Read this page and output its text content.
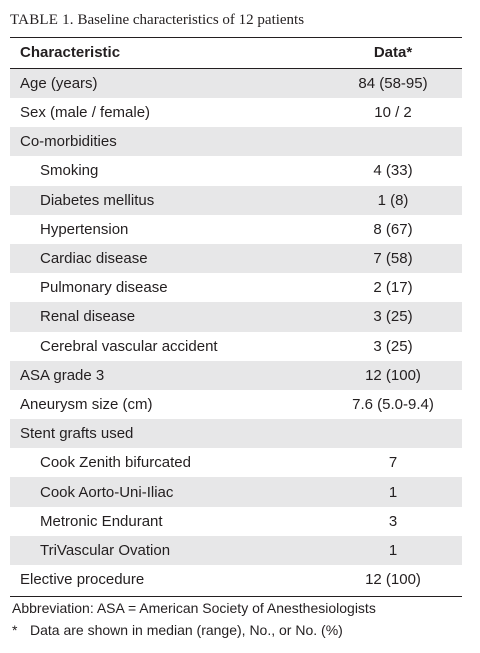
TABLE 1. Baseline characteristics of 12 patients
Characteristic	Data*
Age (years)	84 (58-95)
Sex (male / female)	10 / 2
Co-morbidities	
Smoking	4 (33)
Diabetes mellitus	1 (8)
Hypertension	8 (67)
Cardiac disease	7 (58)
Pulmonary disease	2 (17)
Renal disease	3 (25)
Cerebral vascular accident	3 (25)
ASA grade 3	12 (100)
Aneurysm size (cm)	7.6 (5.0-9.4)
Stent grafts used	
Cook Zenith bifurcated	7
Cook Aorto-Uni-Iliac	1
Metronic Endurant	3
TriVascular Ovation	1
Elective procedure	12 (100)
Abbreviation: ASA = American Society of Anesthesiologists
* Data are shown in median (range), No., or No. (%)
